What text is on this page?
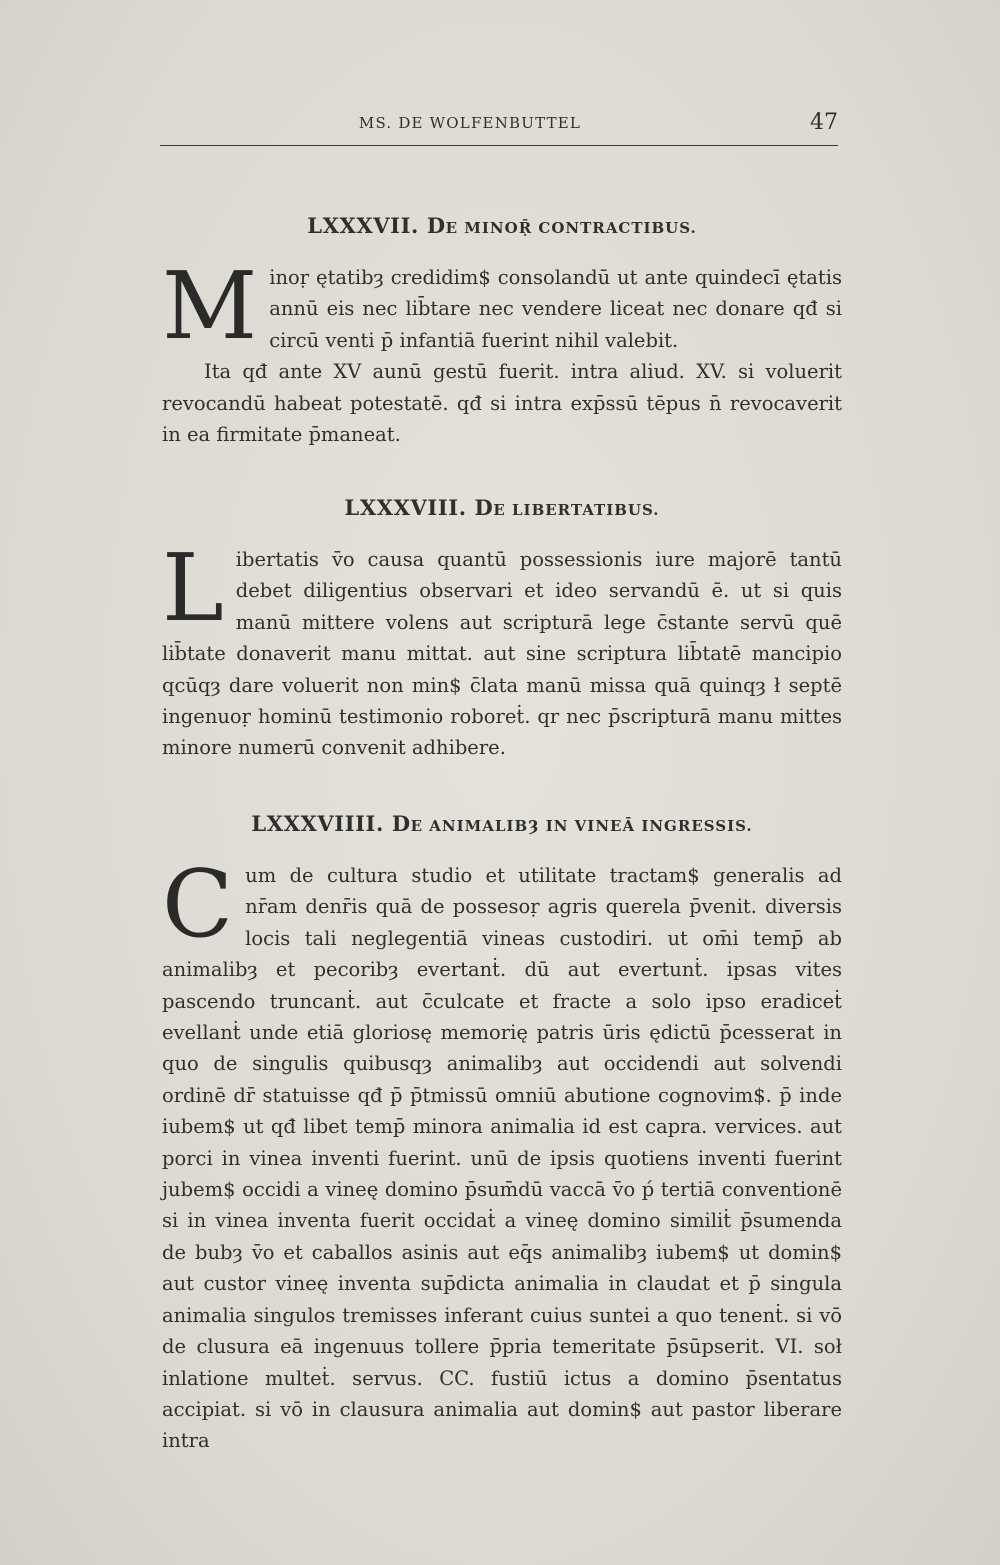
MS. DE WOLFENBUTTEL	47
LXXXVII. DE MINOṜ CONTRACTIBUS.
Minoṛ ętatibȝ credidim$ consolandū ut ante quindecī ętatis annū eis nec lib̄tare nec vendere liceat nec donare qđ si circū venti p̄ infantiā fuerint nihil valebit.
Ita qđ ante XV aunū gestū fuerit. intra aliud. XV. si voluerit revocandū habeat potestatē. qđ si intra exp̄ssū tēpus n̄ revocaverit in ea firmitate p̄maneat.
LXXXVIII. DE LIBERTATIBUS.
Libertatis v̄o causa quantū possessionis iure majorē tantū debet diligentius observari et ideo servandū ē. ut si quis manū mittere volens aut scripturā lege c̄stante servū quē lib̄tate donaverit manu mittat. aut sine scriptura lib̄tatē mancipio qcūqȝ dare voluerit non min$ c̄lata manū missa quā quinqȝ ł septē ingenuoṛ hominū testimonio roboreṫ. qr nec p̄scripturā manu mittes minore numerū convenit adhibere.
LXXXVIIII. DE ANIMALIBȜ IN VINEĀ INGRESSIS.
Cum de cultura studio et utilitate tractam$ generalis ad nr̄am denr̄is quā de possesoṛ agris querela p̄venit. diversis locis tali neglegentiā vineas custodiri. ut om̄i temp̄ ab animalibȝ et pecoribȝ evertanṫ. dū aut evertunṫ. ipsas vites pascendo truncanṫ. aut c̄culcate et fracte a solo ipso eradiceṫ evellanṫ unde etiā gloriosę memorię patris ūris ędictū p̄cesserat in quo de singulis quibusqȝ animalibȝ aut occidendi aut solvendi ordinē dr̄ statuisse qđ p̄ p̄tmissū omniū abutione cognovim$. p̄ inde iubem$ ut qđ libet temp̄ minora animalia id est capra. vervices. aut porci in vinea inventi fuerint. unū de ipsis quotiens inventi fuerint jubem$ occidi a vineę domino p̄sum̄dū vaccā v̄o ṕ tertiā conventionē si in vinea inventa fuerit occidaṫ a vineę domino similiṫ p̄sumenda de bubȝ v̄o et caballos asinis aut eq̄s animalibȝ iubem$ ut domin$ aut custor vineę inventa sup̄dicta animalia in claudat et p̄ singula animalia singulos tremisses inferant cuius suntei a quo tenenṫ. si vō de clusura eā ingenuus tollere p̄pria temeritate p̄sūpserit. VI. soł inlatione multeṫ. servus. CC. fustiū ictus a domino p̄sentatus accipiat. si vō in clausura animalia aut domin$ aut pastor liberare intra
